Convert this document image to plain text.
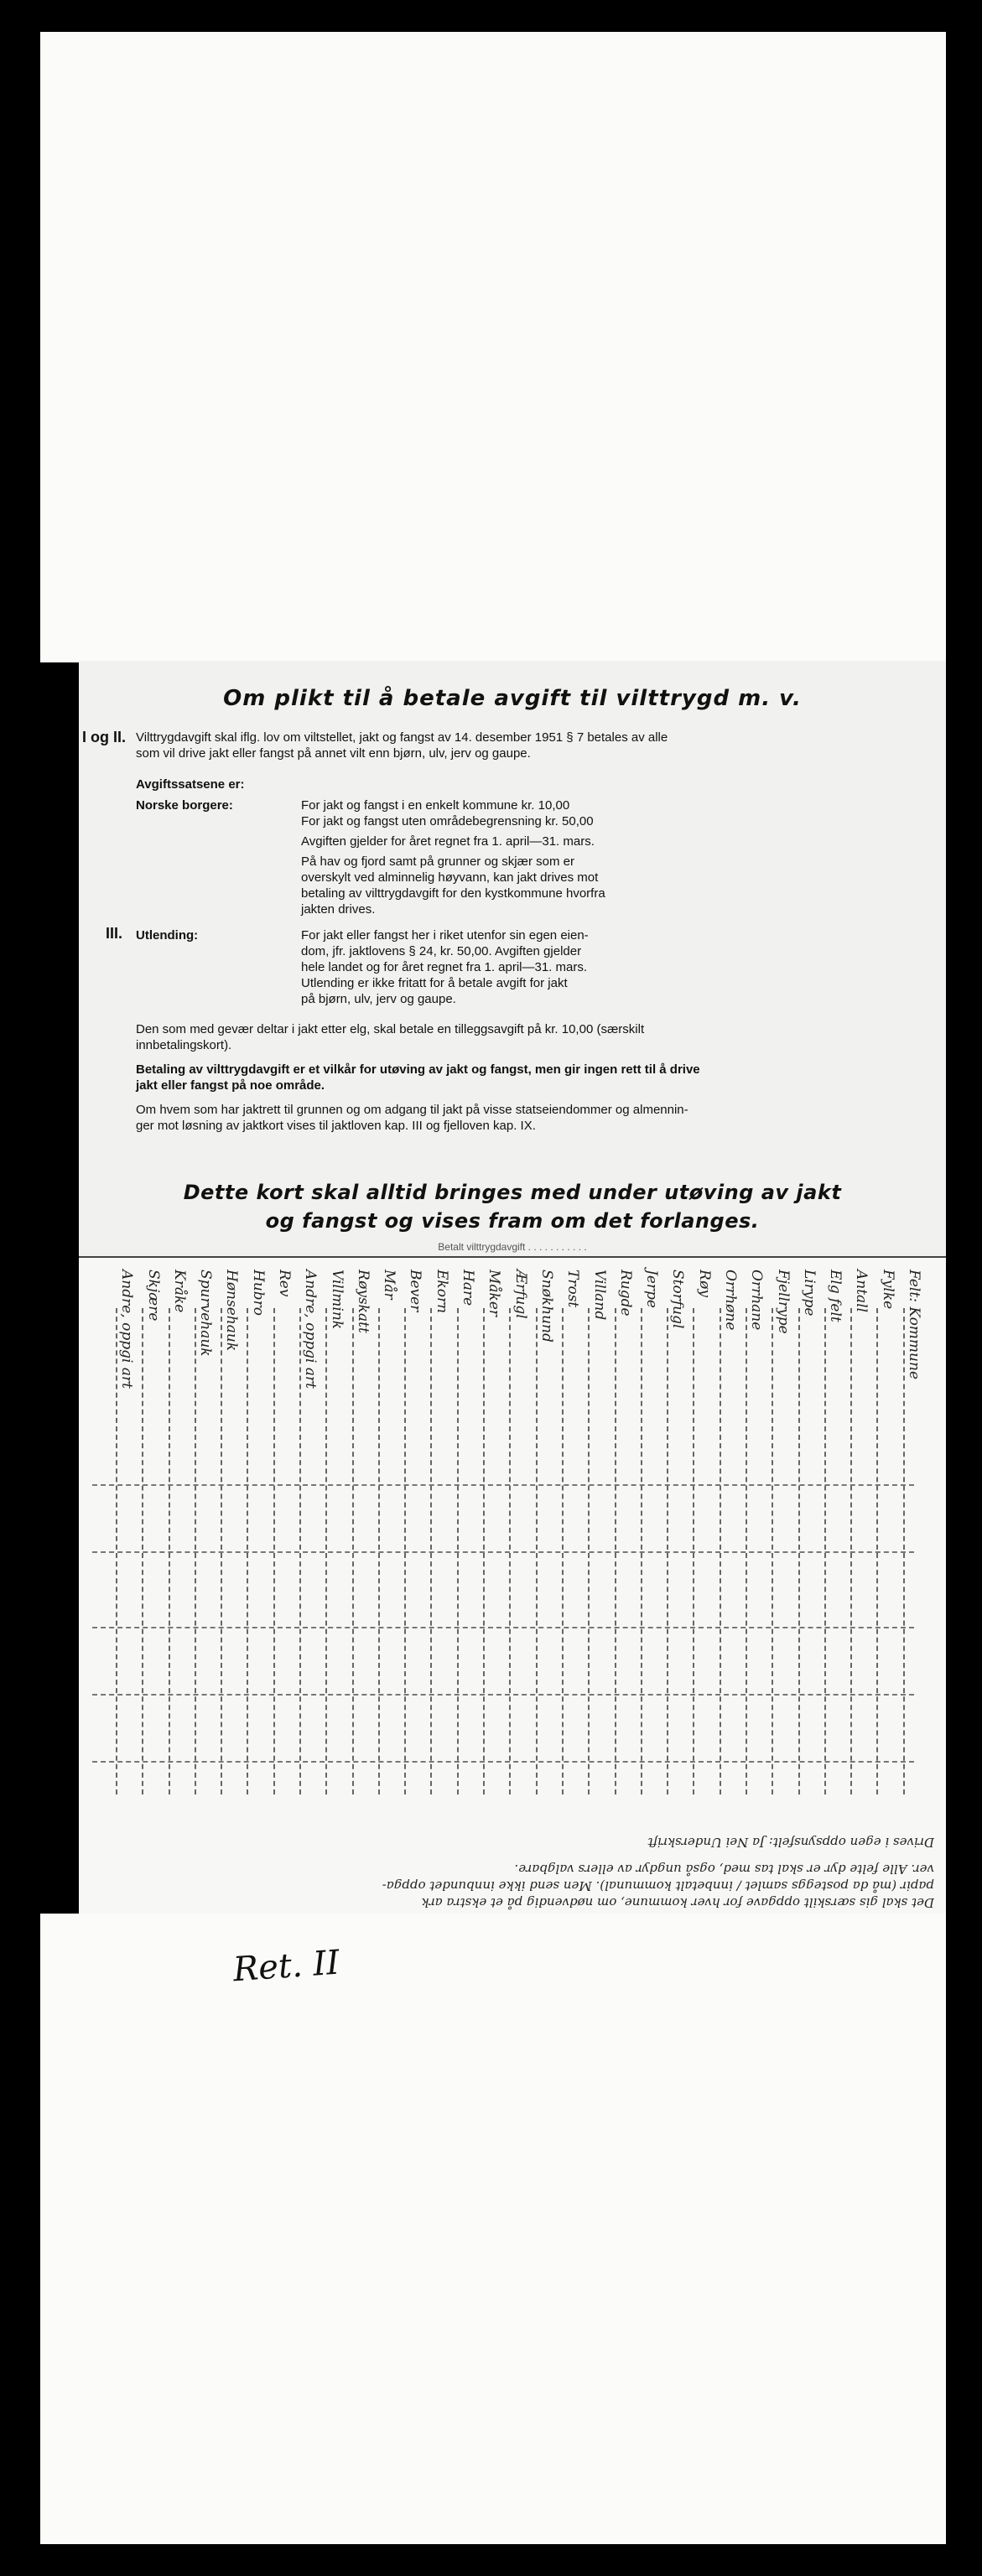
Om plikt til å betale avgift til vilttrygd m. v.
I og II. Vilttrygdavgift skal iflg. lov om viltstellet, jakt og fangst av 14. desember 1951 § 7 betales av alle
som vil drive jakt eller fangst på annet vilt enn bjørn, ulv, jerv og gaupe.
Avgiftssatsene er:
Norske borgere:	For jakt og fangst i en enkelt kommune kr. 10,00
For jakt og fangst uten områdebegrensning kr. 50,00
Avgiften gjelder for året regnet fra 1. april—31. mars.
På hav og fjord samt på grunner og skjær som er
overskylt ved alminnelig høyvann, kan jakt drives mot
betaling av vilttrygdavgift for den kystkommune hvorfra
jakten drives.
III. Utlending:	For jakt eller fangst her i riket utenfor sin egen eien-
dom, jfr. jaktlovens § 24, kr. 50,00. Avgiften gjelder
hele landet og for året regnet fra 1. april—31. mars.
Utlending er ikke fritatt for å betale avgift for jakt
på bjørn, ulv, jerv og gaupe.
Den som med gevær deltar i jakt etter elg, skal betale en tilleggsavgift på kr. 10,00 (særskilt
innbetalingskort).
Betaling av vilttrygdavgift er et vilkår for utøving av jakt og fangst, men gir ingen rett til å drive
jakt eller fangst på noe område.
Om hvem som har jaktrett til grunnen og om adgang til jakt på visse statseiendommer og almennin-
ger mot løsning av jaktkort vises til jaktloven kap. III og fjelloven kap. IX.
Dette kort skal alltid bringes med under utøving av jakt
og fangst og vises fram om det forlanges.
Betalt vilttrygdavgift . . . . . . . . . . .
Felt: Kommune
Fylke
Antall
Elg felt
Lirype
Fjellrype
Orrhane
Orrhøne
Røy
Storfugl
Jerpe
Rugde
Villand
Trost
Snøkhund
Ærfugl
Måker
Hare
Ekorn
Bever
Mår
Røyskatt
Villmink
Andre, oppgi art
Rev
Hubro
Hønsehauk
Spurvehauk
Kråke
Skjære
Andre, oppgi art
Det skal gis særskilt oppgave for hver kommune, om nødvendig på et ekstra ark
papir (må da posteggs samlet / innbetalt kommunal). Men send ikke innbundet oppga-
ver. Alle felte dyr er skal tas med, også ungdyr av ellers valgbare.
Drives i egen oppsynsfelt: Ja Nei Underskrift
Ret. II
